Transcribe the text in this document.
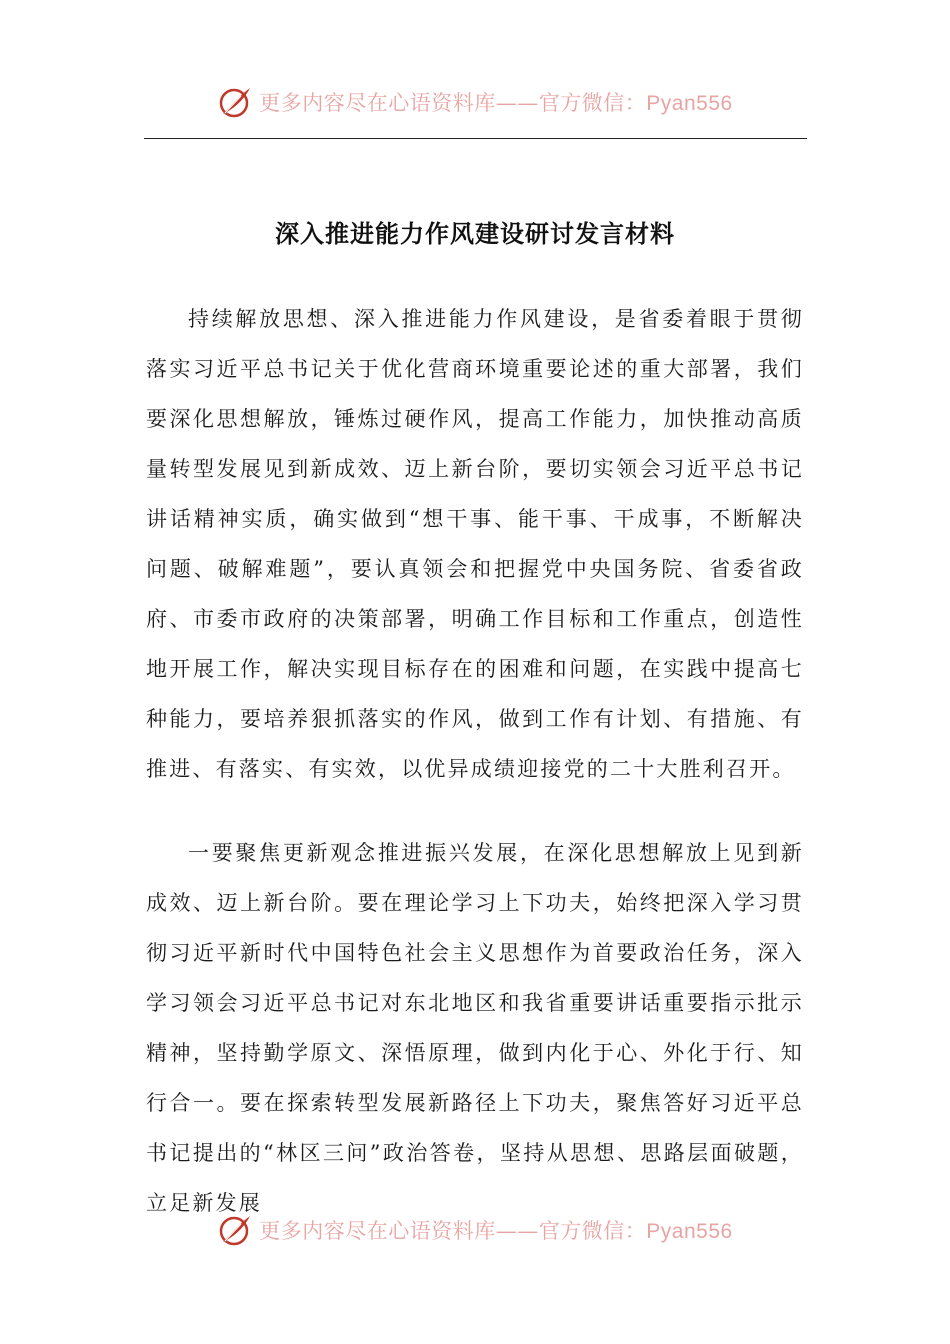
更多内容尽在心语资料库——官方微信：Pyan556
深入推进能力作风建设研讨发言材料

持续解放思想、深入推进能力作风建设，是省委着眼于贯彻落实习近平总书记关于优化营商环境重要论述的重大部署，我们要深化思想解放，锤炼过硬作风，提高工作能力，加快推动高质量转型发展见到新成效、迈上新台阶，要切实领会习近平总书记讲话精神实质，确实做到“想干事、能干事、干成事，不断解决问题、破解难题”，要认真领会和把握党中央国务院、省委省政府、市委市政府的决策部署，明确工作目标和工作重点，创造性地开展工作，解决实现目标存在的困难和问题，在实践中提高七种能力，要培养狠抓落实的作风，做到工作有计划、有措施、有推进、有落实、有实效，以优异成绩迎接党的二十大胜利召开。

一要聚焦更新观念推进振兴发展，在深化思想解放上见到新成效、迈上新台阶。要在理论学习上下功夫，始终把深入学习贯彻习近平新时代中国特色社会主义思想作为首要政治任务，深入学习领会习近平总书记对东北地区和我省重要讲话重要指示批示精神，坚持勤学原文、深悟原理，做到内化于心、外化于行、知行合一。要在探索转型发展新路径上下功夫，聚焦答好习近平总书记提出的“林区三问”政治答卷，坚持从思想、思路层面破题，立足新发展

更多内容尽在心语资料库——官方微信：Pyan556
